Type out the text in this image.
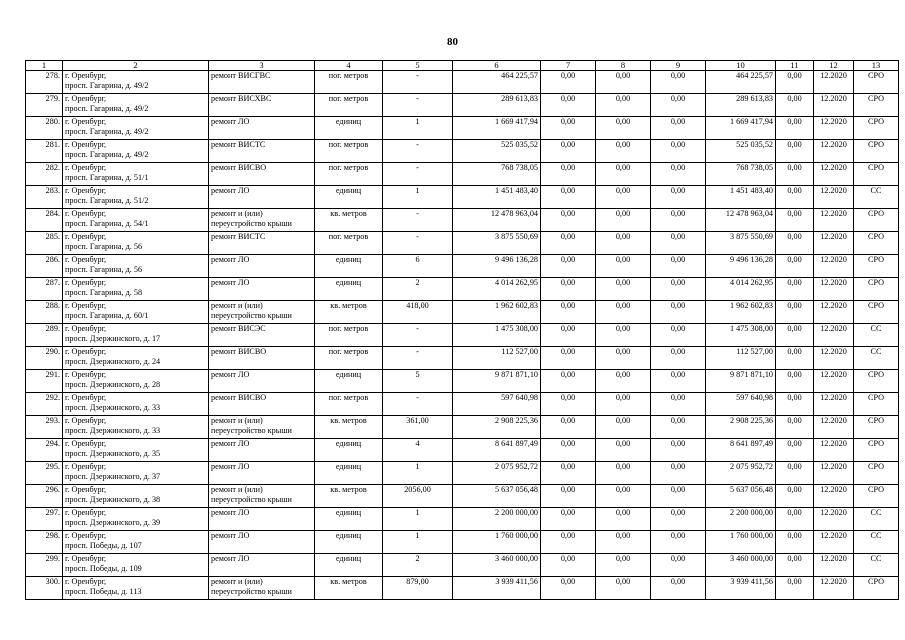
80
1	2	3	4	5	6	7	8	9	10	11	12	13
278.	г. Оренбург,
просп. Гагарина, д. 49/2	ремонт ВИСГВС	пог. метров	-	464 225,57	0,00	0,00	0,00	464 225,57	0,00	12.2020	СРО
279.	г. Оренбург,
просп. Гагарина, д. 49/2	ремонт ВИСХВС	пог. метров	-	289 613,83	0,00	0,00	0,00	289 613,83	0,00	12.2020	СРО
280.	г. Оренбург,
просп. Гагарина, д. 49/2	ремонт ЛО	единиц	1	1 669 417,94	0,00	0,00	0,00	1 669 417,94	0,00	12.2020	СРО
281.	г. Оренбург,
просп. Гагарина, д. 49/2	ремонт ВИСТС	пог. метров	-	525 035,52	0,00	0,00	0,00	525 035,52	0,00	12.2020	СРО
282.	г. Оренбург,
просп. Гагарина, д. 51/1	ремонт ВИСВО	пог. метров	-	768 738,05	0,00	0,00	0,00	768 738,05	0,00	12.2020	СРО
283.	г. Оренбург,
просп. Гагарина, д. 51/2	ремонт ЛО	единиц	1	1 451 483,40	0,00	0,00	0,00	1 451 483,40	0,00	12.2020	СС
284.	г. Оренбург,
просп. Гагарина, д. 54/1	ремонт и (или)
переустройство крыши	кв. метров	-	12 478 963,04	0,00	0,00	0,00	12 478 963,04	0,00	12.2020	СРО
285.	г. Оренбург,
просп. Гагарина, д. 56	ремонт ВИСТС	пог. метров	-	3 875 550,69	0,00	0,00	0,00	3 875 550,69	0,00	12.2020	СРО
286.	г. Оренбург,
просп. Гагарина, д. 56	ремонт ЛО	единиц	6	9 496 136,28	0,00	0,00	0,00	9 496 136,28	0,00	12.2020	СРО
287.	г. Оренбург,
просп. Гагарина, д. 58	ремонт ЛО	единиц	2	4 014 262,95	0,00	0,00	0,00	4 014 262,95	0,00	12.2020	СРО
288.	г. Оренбург,
просп. Гагарина, д. 60/1	ремонт и (или)
переустройство крыши	кв. метров	418,00	1 962 602,83	0,00	0,00	0,00	1 962 602,83	0,00	12.2020	СРО
289.	г. Оренбург,
просп. Дзержинского, д. 17	ремонт ВИСЭС	пог. метров	-	1 475 308,00	0,00	0,00	0,00	1 475 308,00	0,00	12.2020	СС
290.	г. Оренбург,
просп. Дзержинского, д. 24	ремонт ВИСВО	пог. метров	-	112 527,00	0,00	0,00	0,00	112 527,00	0,00	12.2020	СС
291.	г. Оренбург,
просп. Дзержинского, д. 28	ремонт ЛО	единиц	5	9 871 871,10	0,00	0,00	0,00	9 871 871,10	0,00	12.2020	СРО
292.	г. Оренбург,
просп. Дзержинского, д. 33	ремонт ВИСВО	пог. метров	-	597 640,98	0,00	0,00	0,00	597 640,98	0,00	12.2020	СРО
293.	г. Оренбург,
просп. Дзержинского, д. 33	ремонт и (или)
переустройство крыши	кв. метров	361,00	2 908 225,36	0,00	0,00	0,00	2 908 225,36	0,00	12.2020	СРО
294.	г. Оренбург,
просп. Дзержинского, д. 35	ремонт ЛО	единиц	4	8 641 897,49	0,00	0,00	0,00	8 641 897,49	0,00	12.2020	СРО
295.	г. Оренбург,
просп. Дзержинского, д. 37	ремонт ЛО	единиц	1	2 075 952,72	0,00	0,00	0,00	2 075 952,72	0,00	12.2020	СРО
296.	г. Оренбург,
просп. Дзержинского, д. 38	ремонт и (или)
переустройство крыши	кв. метров	2056,00	5 637 056,48	0,00	0,00	0,00	5 637 056,48	0,00	12.2020	СРО
297.	г. Оренбург,
просп. Дзержинского, д. 39	ремонт ЛО	единиц	1	2 200 000,00	0,00	0,00	0,00	2 200 000,00	0,00	12.2020	СС
298.	г. Оренбург,
просп. Победы, д. 107	ремонт ЛО	единиц	1	1 760 000,00	0,00	0,00	0,00	1 760 000,00	0,00	12.2020	СС
299.	г. Оренбург,
просп. Победы, д. 109	ремонт ЛО	единиц	2	3 460 000,00	0,00	0,00	0,00	3 460 000,00	0,00	12.2020	СС
300.	г. Оренбург,
просп. Победы, д. 113	ремонт и (или)
переустройство крыши	кв. метров	879,00	3 939 411,56	0,00	0,00	0,00	3 939 411,56	0,00	12.2020	СРО
